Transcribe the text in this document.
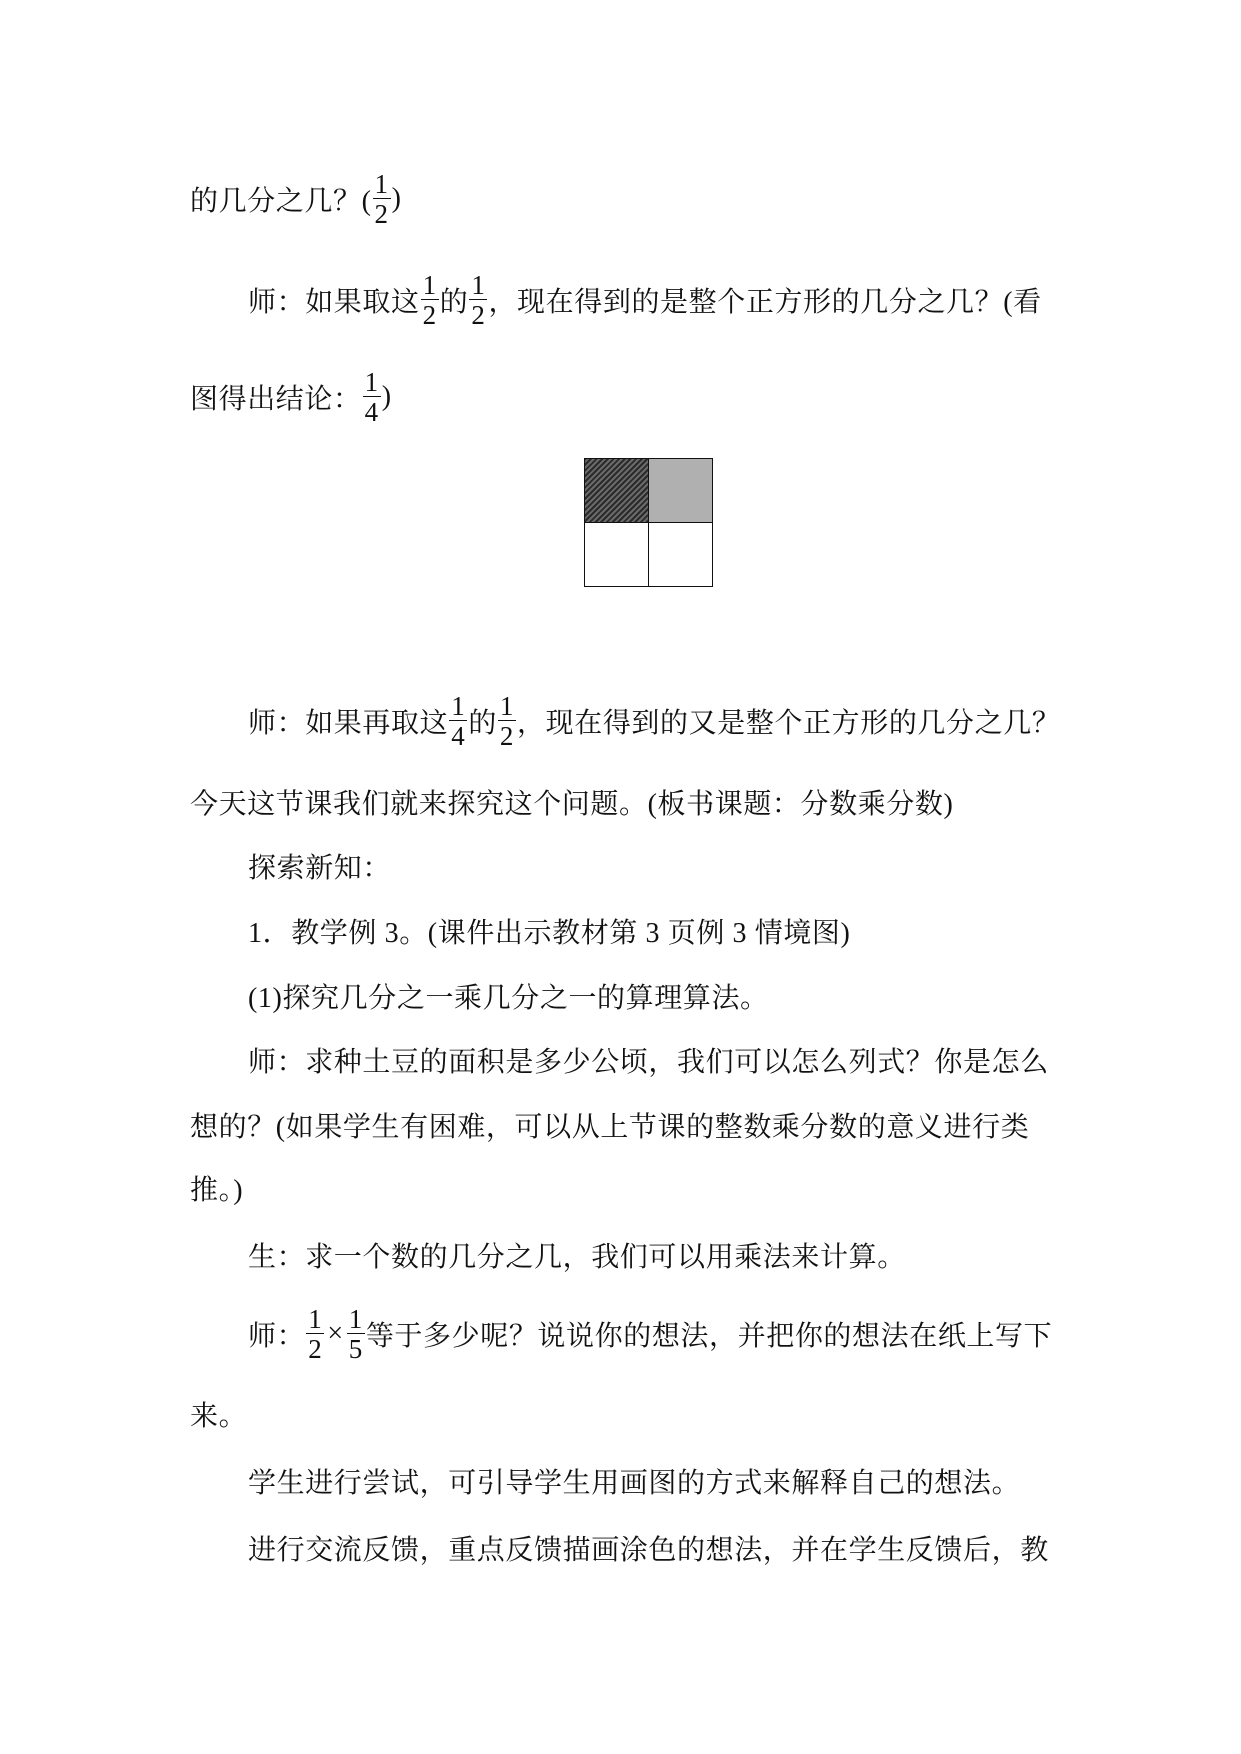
的几分之几？( $\frac{1}{2}$ )
师：如果取这 $\frac{1}{2}$ 的 $\frac{1}{2}$ ，现在得到的是整个正方形的几分之几？(看
图得出结论： $\frac{1}{4}$ )
师：如果再取这 $\frac{1}{4}$ 的 $\frac{1}{2}$ ，现在得到的又是整个正方形的几分之几？
今天这节课我们就来探究这个问题。(板书课题：分数乘分数)
探索新知：
1．教学例 3。(课件出示教材第 3 页例 3 情境图)
(1)探究几分之一乘几分之一的算理算法。
师：求种土豆的面积是多少公顷，我们可以怎么列式？你是怎么
想的？(如果学生有困难，可以从上节课的整数乘分数的意义进行类
推。)
生：求一个数的几分之几，我们可以用乘法来计算。
师： $\frac{1}{2} \times \frac{1}{5}$ 等于多少呢？说说你的想法，并把你的想法在纸上写下
来。
学生进行尝试，可引导学生用画图的方式来解释自己的想法。
进行交流反馈，重点反馈描画涂色的想法，并在学生反馈后，教
